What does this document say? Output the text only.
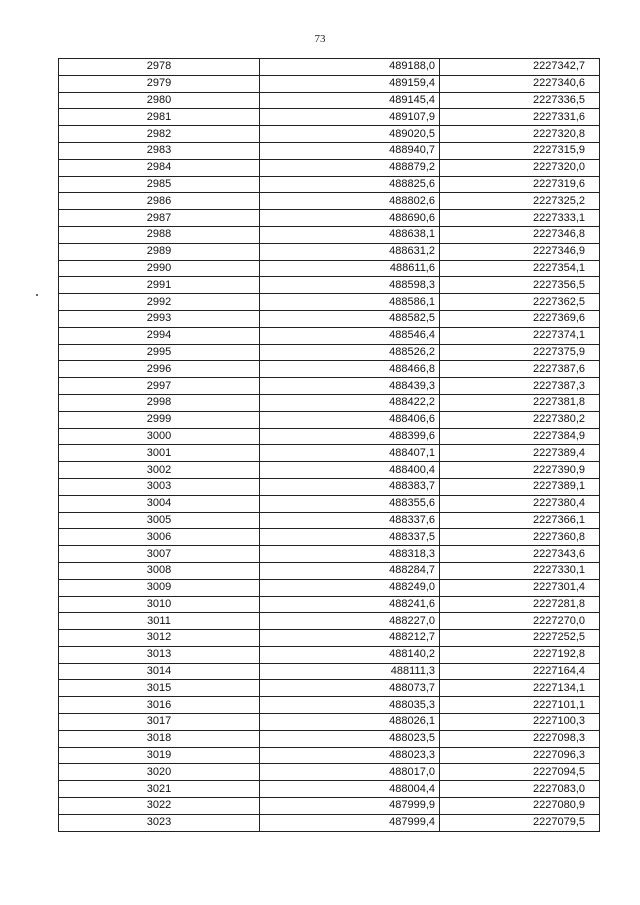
73
2978	489188,0	2227342,7
2979	489159,4	2227340,6
2980	489145,4	2227336,5
2981	489107,9	2227331,6
2982	489020,5	2227320,8
2983	488940,7	2227315,9
2984	488879,2	2227320,0
2985	488825,6	2227319,6
2986	488802,6	2227325,2
2987	488690,6	2227333,1
2988	488638,1	2227346,8
2989	488631,2	2227346,9
2990	488611,6	2227354,1
2991	488598,3	2227356,5
2992	488586,1	2227362,5
2993	488582,5	2227369,6
2994	488546,4	2227374,1
2995	488526,2	2227375,9
2996	488466,8	2227387,6
2997	488439,3	2227387,3
2998	488422,2	2227381,8
2999	488406,6	2227380,2
3000	488399,6	2227384,9
3001	488407,1	2227389,4
3002	488400,4	2227390,9
3003	488383,7	2227389,1
3004	488355,6	2227380,4
3005	488337,6	2227366,1
3006	488337,5	2227360,8
3007	488318,3	2227343,6
3008	488284,7	2227330,1
3009	488249,0	2227301,4
3010	488241,6	2227281,8
3011	488227,0	2227270,0
3012	488212,7	2227252,5
3013	488140,2	2227192,8
3014	488111,3	2227164,4
3015	488073,7	2227134,1
3016	488035,3	2227101,1
3017	488026,1	2227100,3
3018	488023,5	2227098,3
3019	488023,3	2227096,3
3020	488017,0	2227094,5
3021	488004,4	2227083,0
3022	487999,9	2227080,9
3023	487999,4	2227079,5
